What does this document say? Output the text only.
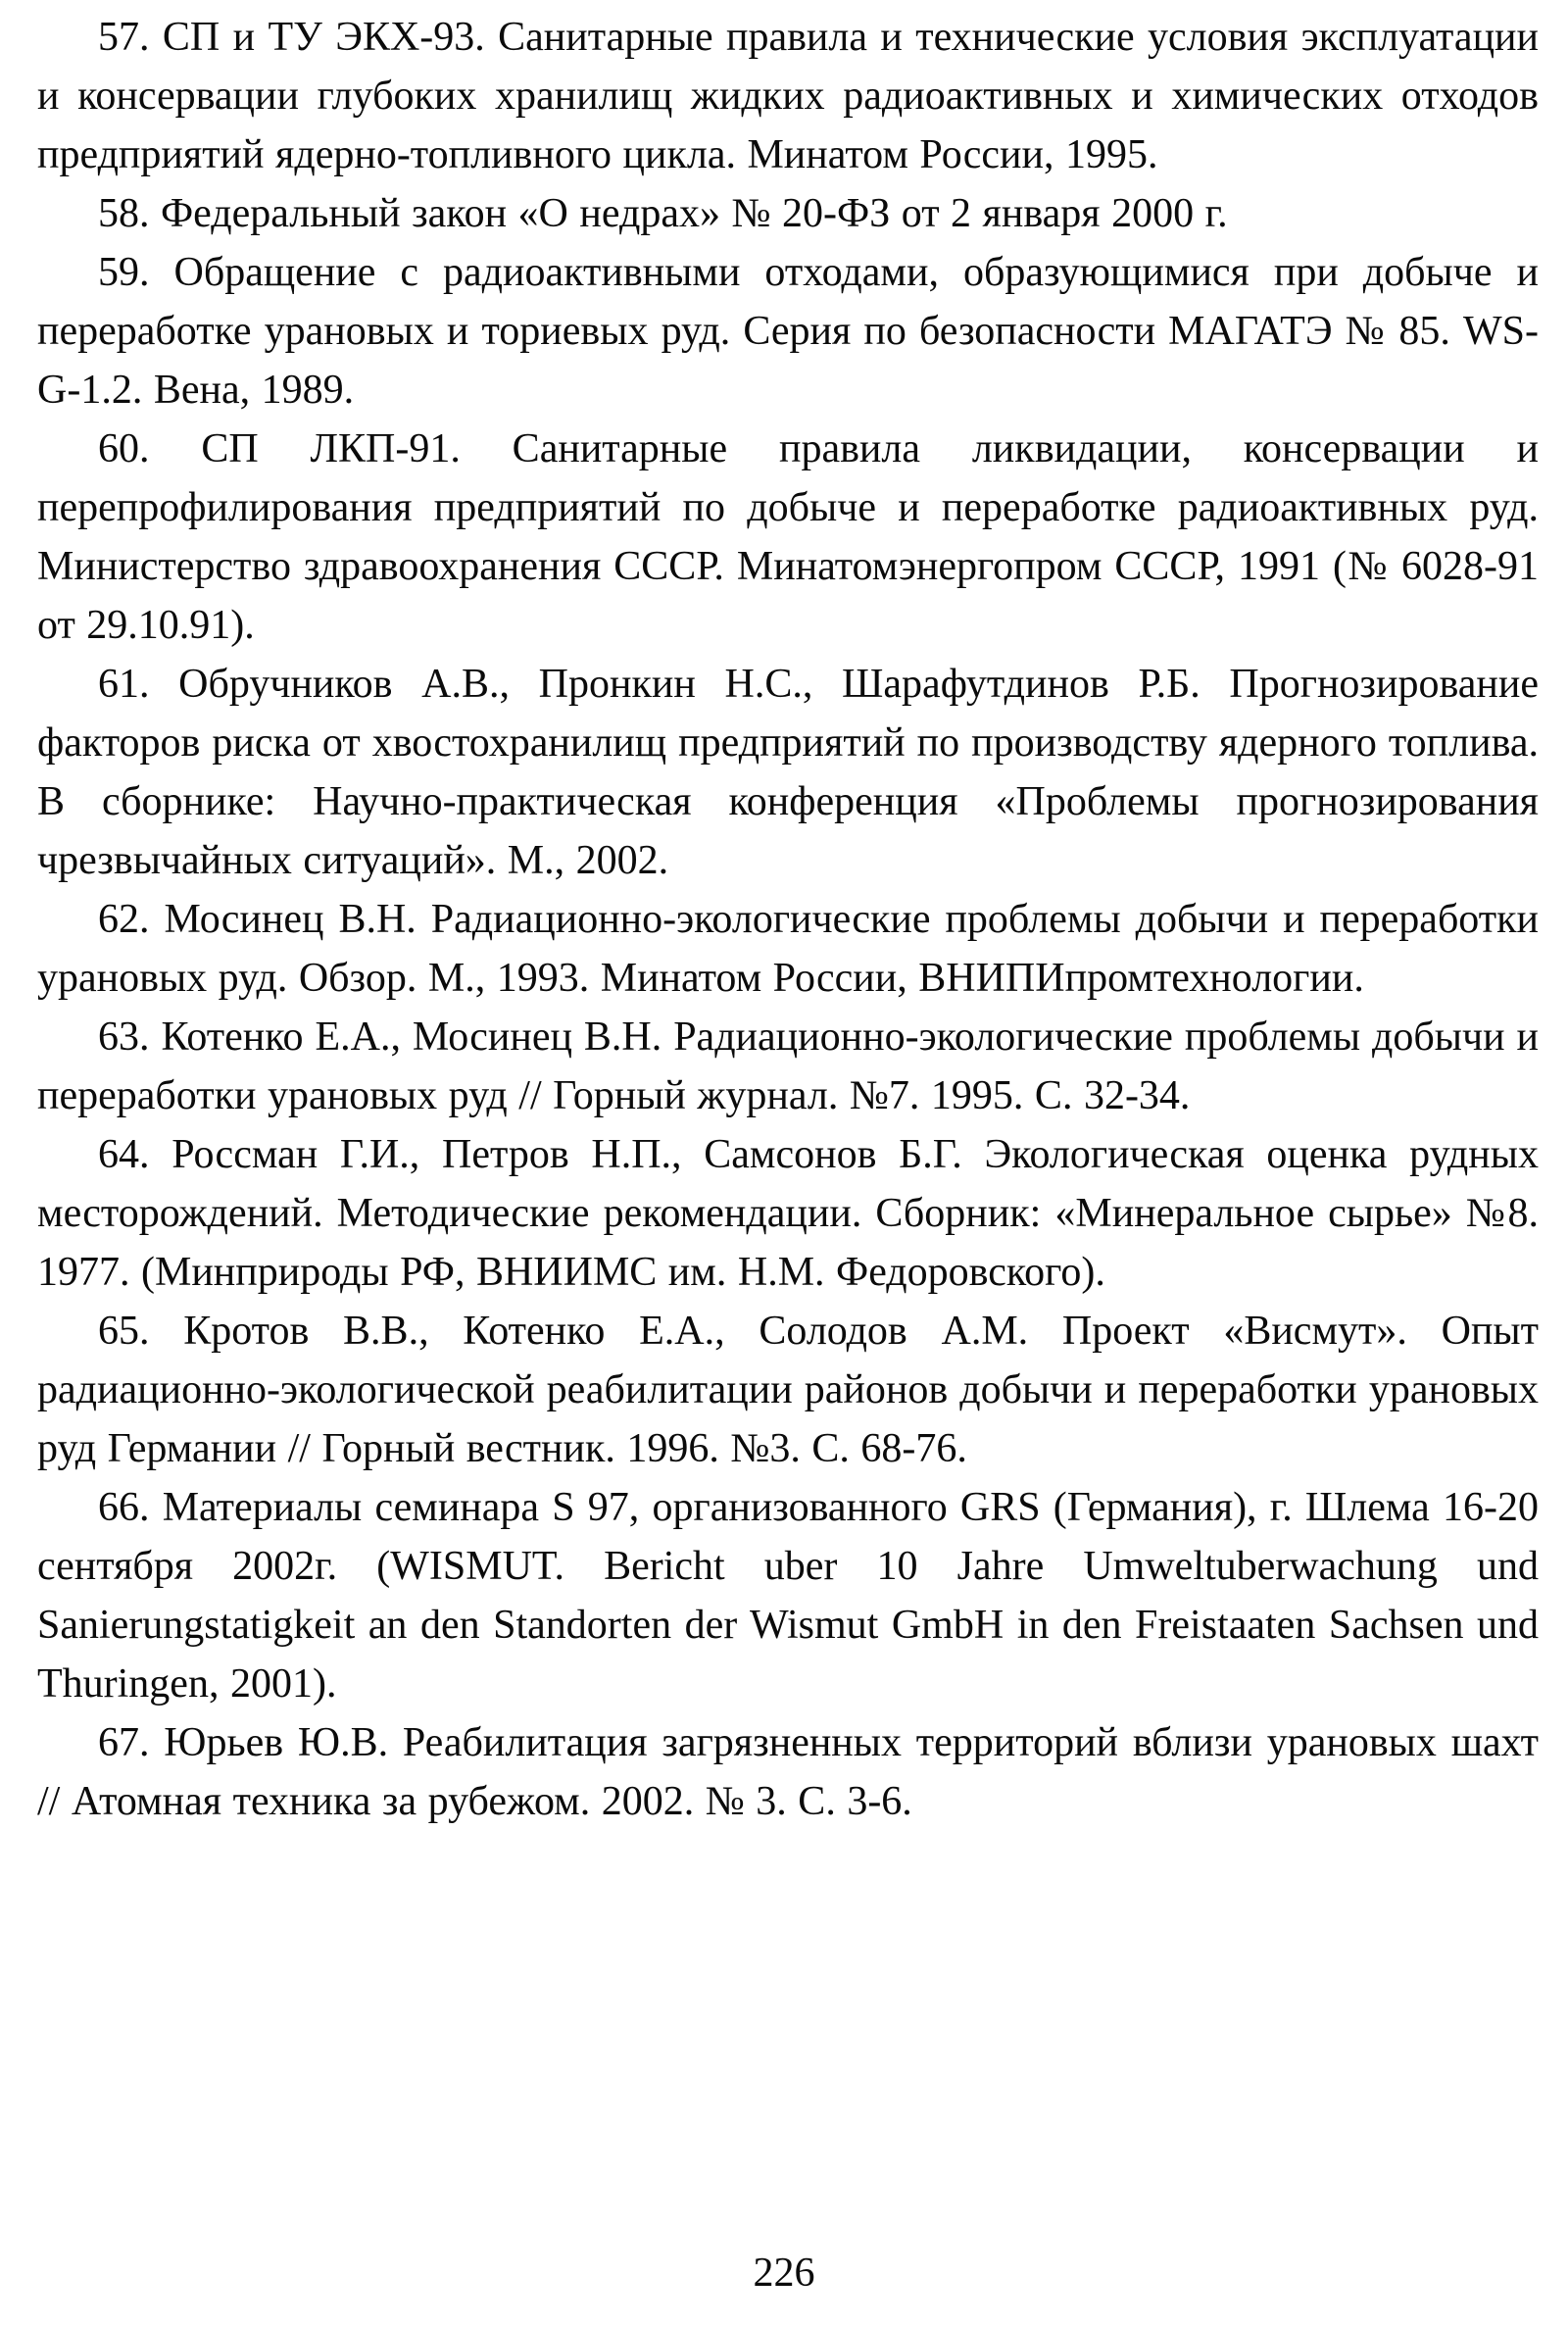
57. СП и ТУ ЭКХ-93. Санитарные правила и технические условия эксплуатации и консервации глубоких хранилищ жидких радиоактивных и химических отходов предприятий ядерно-топливного цикла. Минатом России, 1995.

58. Федеральный закон «О недрах» № 20-ФЗ от 2 января 2000 г.

59. Обращение с радиоактивными отходами, образующимися при добыче и переработке урановых и ториевых руд. Серия по безопасности МАГАТЭ № 85. WS-G-1.2. Вена, 1989.

60. СП ЛКП-91. Санитарные правила ликвидации, консервации и перепрофилирования предприятий по добыче и переработке радиоактивных руд. Министерство здравоохранения СССР. Минатомэнергопром СССР, 1991 (№ 6028-91 от 29.10.91).

61. Обручников А.В., Пронкин Н.С., Шарафутдинов Р.Б. Прогнозирование факторов риска от хвостохранилищ предприятий по производству ядерного топлива. В сборнике: Научно-практическая конференция «Проблемы прогнозирования чрезвычайных ситуаций». М., 2002.

62. Мосинец В.Н. Радиационно-экологические проблемы добычи и переработки урановых руд. Обзор. М., 1993. Минатом России, ВНИПИпромтехнологии.

63. Котенко Е.А., Мосинец В.Н. Радиационно-экологические проблемы добычи и переработки урановых руд // Горный журнал. №7. 1995. С. 32-34.

64. Россман Г.И., Петров Н.П., Самсонов Б.Г. Экологическая оценка рудных месторождений. Методические рекомендации. Сборник: «Минеральное сырье» №8. 1977. (Минприроды РФ, ВНИИМС им. Н.М. Федоровского).

65. Кротов В.В., Котенко Е.А., Солодов А.М. Проект «Висмут». Опыт радиационно-экологической реабилитации районов добычи и переработки урановых руд Германии // Горный вестник. 1996. №3. С. 68-76.

66. Материалы семинара S 97, организованного GRS (Германия), г. Шлема 16-20 сентября 2002г. (WISMUT. Bericht uber 10 Jahre Umweltuberwachung und Sanierungstatigkeit an den Standorten der Wismut GmbH in den Freistaaten Sachsen und Thuringen, 2001).

67. Юрьев Ю.В. Реабилитация загрязненных территорий вблизи урановых шахт // Атомная техника за рубежом. 2002. № 3. С. 3-6.

226
